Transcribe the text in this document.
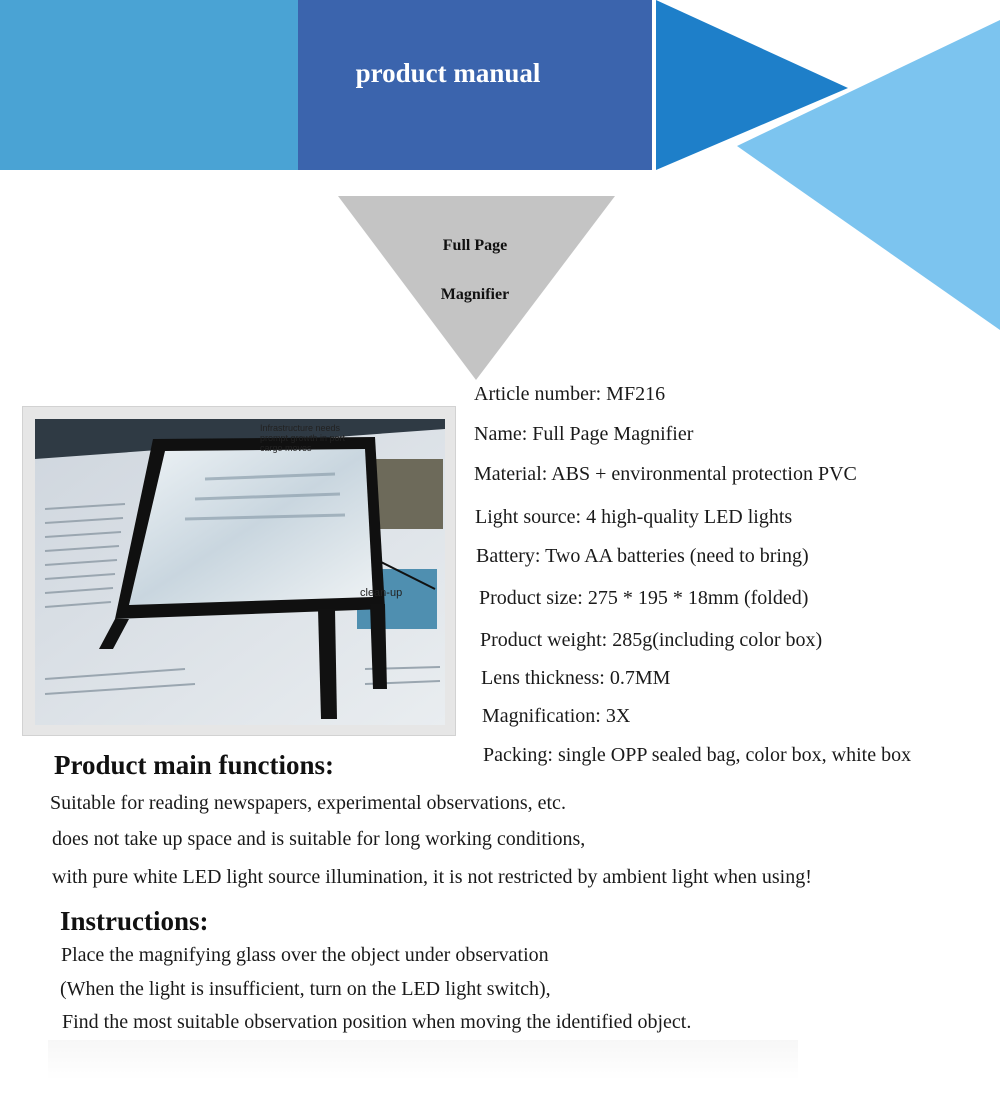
product manual
Full Page
Magnifier
Infrastructure needs prompt growth in port cargo moves
clean-up
Article number: MF216
Name: Full Page Magnifier
Material: ABS + environmental protection PVC
Light source: 4 high-quality LED lights
Battery: Two AA batteries (need to bring)
Product size: 275 * 195 * 18mm (folded)
Product weight: 285g(including color box)
Lens thickness: 0.7MM
Magnification: 3X
Packing: single OPP sealed bag, color box, white box
Product main functions:
Suitable for reading newspapers, experimental observations, etc.
does not take up space and is suitable for long working conditions,
with pure white LED light source illumination, it is not restricted by ambient light when using!
Instructions:
Place the magnifying glass over the object under observation
(When the light is insufficient, turn on the LED light switch),
Find the most suitable observation position when moving the identified object.
